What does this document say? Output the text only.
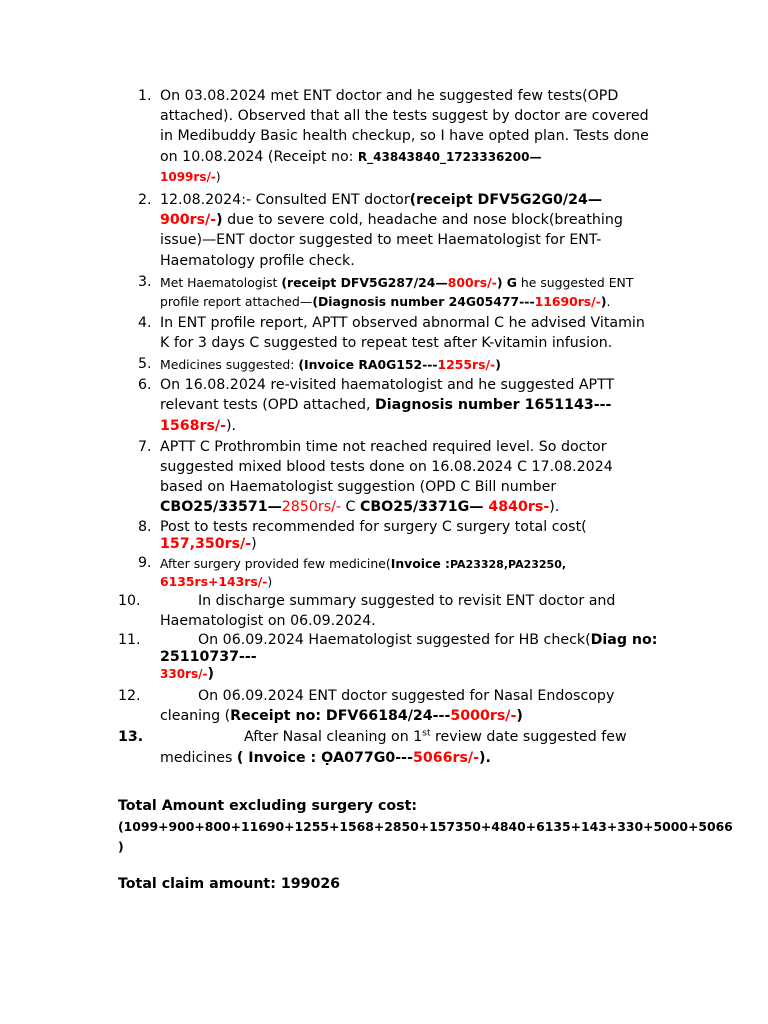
1. On 03.08.2024 met ENT doctor and he suggested few tests(OPD attached). Observed that all the tests suggest by doctor are covered in Medibuddy Basic health checkup, so I have opted plan. Tests done on 10.08.2024 (Receipt no: R_43843840_1723336200—
1099rs/-)
2. 12.08.2024:- Consulted ENT doctor(receipt DFV5G2G0/24—900rs/-) due to severe cold, headache and nose block(breathing issue)—ENT doctor suggested to meet Haematologist for ENT-Haematology profile check.
3. Met Haematologist (receipt DFV5G287/24—800rs/-) G he suggested ENT profile report attached—(Diagnosis number 24G05477---11690rs/-).
4. In ENT profile report, APTT observed abnormal C he advised Vitamin K for 3 days C suggested to repeat test after K-vitamin infusion.
5. Medicines suggested: (Invoice RA0G152---1255rs/-)
6. On 16.08.2024 re-visited haematologist and he suggested APTT relevant tests (OPD attached, Diagnosis number 1651143---
1568rs/-).
7. APTT C Prothrombin time not reached required level. So doctor suggested mixed blood tests done on 16.08.2024 C 17.08.2024 based on Haematologist suggestion (OPD C Bill number
CBO25/33571—2850rs/- C CBO25/3371G— 4840rs-).
8. Post to tests recommended for surgery C surgery total cost(
157,350rs/-)
9. After surgery provided few medicine(Invoice :PA23328,PA23250,
6135rs+143rs/-)
10.	In discharge summary suggested to revisit ENT doctor and Haematologist on 06.09.2024.
11.	On 06.09.2024 Haematologist suggested for HB check(Diag no: 25110737---
330rs/-)
12.	On 06.09.2024 ENT doctor suggested for Nasal Endoscopy cleaning (Receipt no: DFV66184/24---5000rs/-)
13.	After Nasal cleaning on 1st review date suggested few medicines ( Invoice : ỌA077G0---5066rs/-).
Total Amount excluding surgery cost:
(1099+900+800+11690+1255+1568+2850+157350+4840+6135+143+330+5000+5066
)
Total claim amount: 199026
